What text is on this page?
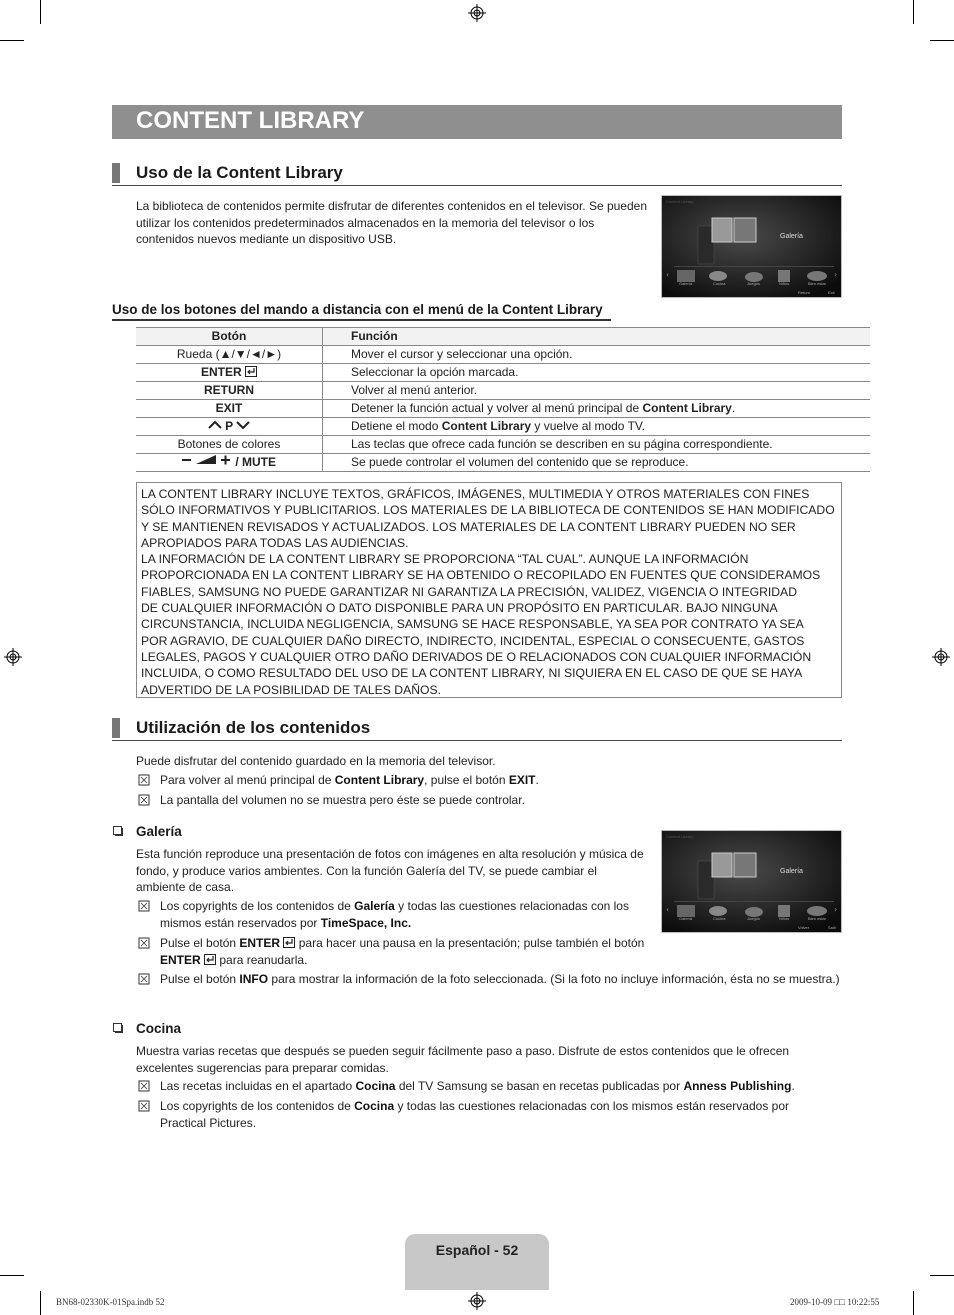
CONTENT LIBRARY
Uso de la Content Library
La biblioteca de contenidos permite disfrutar de diferentes contenidos en el televisor. Se pueden utilizar los contenidos predeterminados almacenados en la memoria del televisor o los contenidos nuevos mediante un dispositivo USB.
‹	›
Content Library
Galería
Galería	Cocina	Juegos	Niños	Bien estar
Return	Exit
Uso de los botones del mando a distancia con el menú de la Content Library
Botón	Función
Rueda (▲/▼/◄/►)	Mover el cursor y seleccionar una opción.
ENTER	Seleccionar la opción marcada.
RETURN	Volver al menú anterior.
EXIT	Detener la función actual y volver al menú principal de Content Library.
P	Detiene el modo Content Library y vuelve al modo TV.
Botones de colores	Las teclas que ofrece cada función se describen en su página correspondiente.
/ MUTE	Se puede controlar el volumen del contenido que se reproduce.
LA CONTENT LIBRARY INCLUYE TEXTOS, GRÁFICOS, IMÁGENES, MULTIMEDIA Y OTROS MATERIALES CON FINES
SÓLO INFORMATIVOS Y PUBLICITARIOS. LOS MATERIALES DE LA BIBLIOTECA DE CONTENIDOS SE HAN MODIFICADO
Y SE MANTIENEN REVISADOS Y ACTUALIZADOS. LOS MATERIALES DE LA CONTENT LIBRARY PUEDEN NO SER
APROPIADOS PARA TODAS LAS AUDIENCIAS.
LA INFORMACIÓN DE LA CONTENT LIBRARY SE PROPORCIONA “TAL CUAL”. AUNQUE LA INFORMACIÓN
PROPORCIONADA EN LA CONTENT LIBRARY SE HA OBTENIDO O RECOPILADO EN FUENTES QUE CONSIDERAMOS
FIABLES, SAMSUNG NO PUEDE GARANTIZAR NI GARANTIZA LA PRECISIÓN, VALIDEZ, VIGENCIA O INTEGRIDAD
DE CUALQUIER INFORMACIÓN O DATO DISPONIBLE PARA UN PROPÓSITO EN PARTICULAR. BAJO NINGUNA
CIRCUNSTANCIA, INCLUIDA NEGLIGENCIA, SAMSUNG SE HACE RESPONSABLE, YA SEA POR CONTRATO YA SEA
POR AGRAVIO, DE CUALQUIER DAÑO DIRECTO, INDIRECTO, INCIDENTAL, ESPECIAL O CONSECUENTE, GASTOS
LEGALES, PAGOS Y CUALQUIER OTRO DAÑO DERIVADOS DE O RELACIONADOS CON CUALQUIER INFORMACIÓN
INCLUIDA, O COMO RESULTADO DEL USO DE LA CONTENT LIBRARY, NI SIQUIERA EN EL CASO DE QUE SE HAYA
ADVERTIDO DE LA POSIBILIDAD DE TALES DAÑOS.
Utilización de los contenidos
Puede disfrutar del contenido guardado en la memoria del televisor.
Para volver al menú principal de Content Library, pulse el botón EXIT.
La pantalla del volumen no se muestra pero éste se puede controlar.
Galería
Esta función reproduce una presentación de fotos con imágenes en alta resolución y música de fondo, y produce varios ambientes. Con la función Galería del TV, se puede cambiar el ambiente de casa.
‹	›
Content Library
Galería
Galería	Cocina	Juegos	Niños	Bien estar
Volver	Salir
Los copyrights de los contenidos de Galería y todas las cuestiones relacionadas con los mismos están reservados por TimeSpace, Inc.
Pulse el botón ENTER  para hacer una pausa en la presentación; pulse también el botón
ENTER  para reanudarla.
Pulse el botón INFO para mostrar la información de la foto seleccionada. (Si la foto no incluye información, ésta no se muestra.)
Cocina
Muestra varias recetas que después se pueden seguir fácilmente paso a paso. Disfrute de estos contenidos que le ofrecen excelentes sugerencias para preparar comidas.
Las recetas incluidas en el apartado Cocina del TV Samsung se basan en recetas publicadas por Anness Publishing.
Los copyrights de los contenidos de Cocina y todas las cuestiones relacionadas con los mismos están reservados por Practical Pictures.
Español - 52
BN68-02330K-01Spa.indb 52	2009-10-09 □□ 10:22:55
